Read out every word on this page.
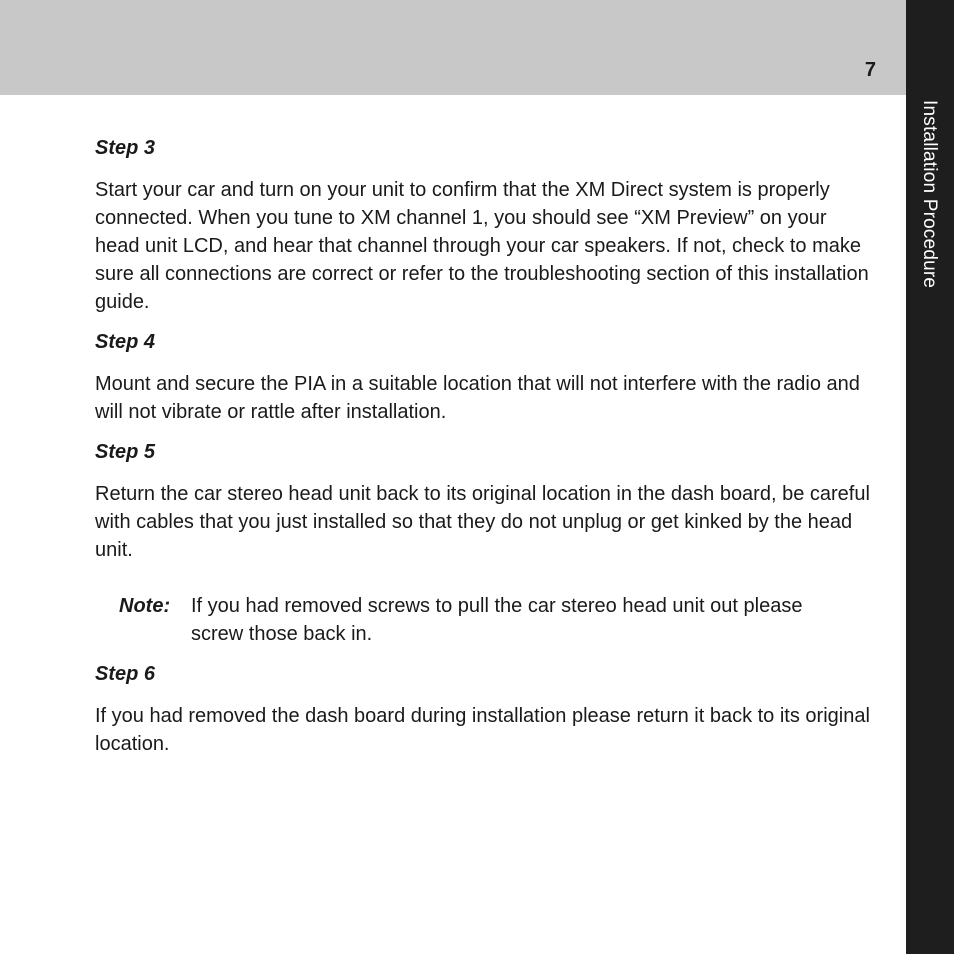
7
Installation Procedure
Step 3
Start your car and turn on your unit to confirm that the XM Direct system is properly connected. When you tune to XM channel 1, you should see “XM Preview” on your head unit LCD, and hear that channel through your car speakers. If not, check to make sure all connections are correct or refer to the troubleshooting section of this installation guide.
Step 4
Mount and secure the PIA in a suitable location that will not interfere with the radio and will not vibrate or rattle after installation.
Step 5
Return the car stereo head unit back to its original location in the dash board, be careful with cables that you just installed so that they do not unplug or get kinked by the head unit.
Note: If you had removed screws to pull the car stereo head unit out please screw those back in.
Step 6
If you had removed the dash board during installation please return it back to its original location.
